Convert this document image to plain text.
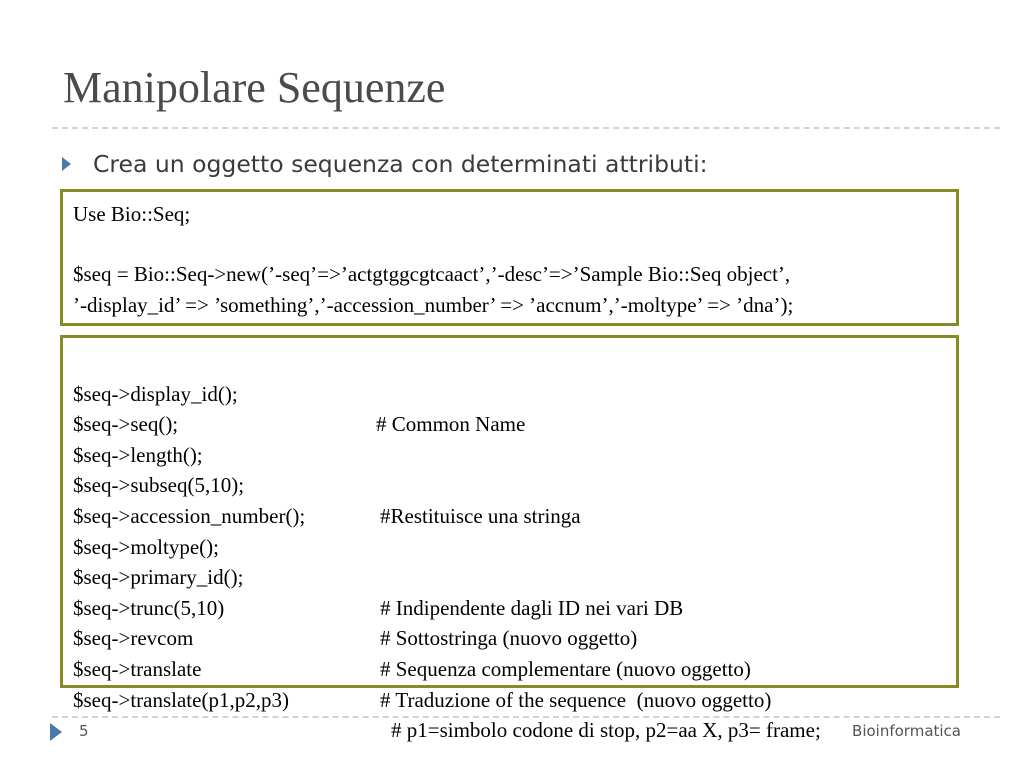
Manipolare Sequenze
Crea un oggetto sequenza con determinati attributi:
Use Bio::Seq;
$seq = Bio::Seq->new(’-seq’=>’actgtggcgtcaact’,’-desc’=>’Sample Bio::Seq object’,
’-display_id’ => ’something’,’-accession_number’ => ’accnum’,’-moltype’ => ’dna’);

$seq->display_id();

# Common Name

$seq->seq();

$seq->length();

$seq->subseq(5,10);

#Restituisce una stringa

$seq->accession_number();

$seq->moltype();

$seq->primary_id();

# Indipendente dagli ID nei vari DB

$seq->trunc(5,10)

# Sottostringa (nuovo oggetto)

$seq->revcom

# Sequenza complementare (nuovo oggetto)

$seq->translate

# Traduzione of the sequence  (nuovo oggetto)

$seq->translate(p1,p2,p3)

# p1=simbolo codone di stop, p2=aa X, p3= frame;

5	Bioinformatica
